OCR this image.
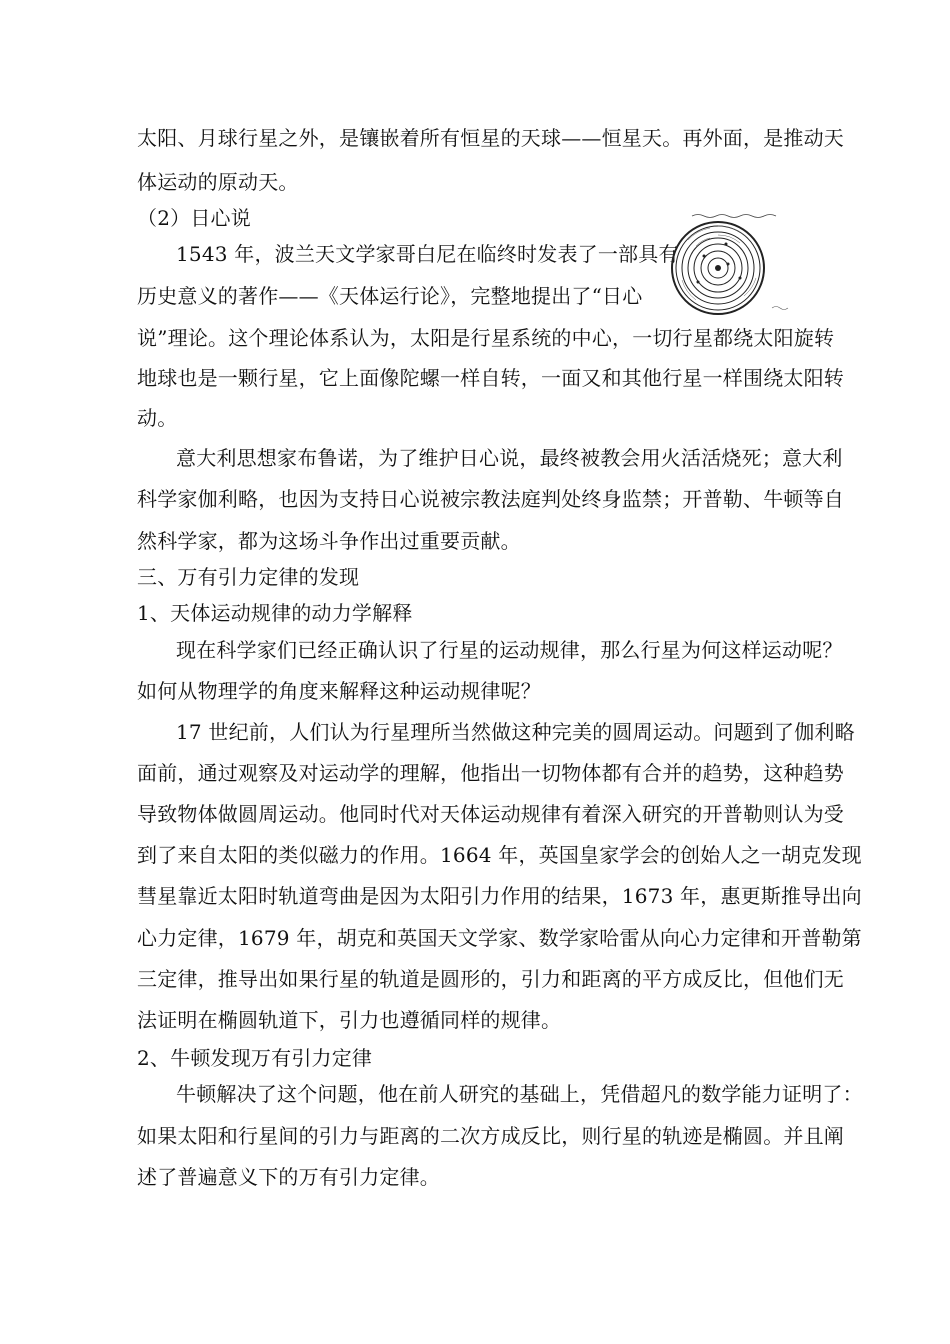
太阳、月球行星之外，是镶嵌着所有恒星的天球——恒星天。再外面，是推动天
体运动的原动天。
（2）日心说
1543 年，波兰天文学家哥白尼在临终时发表了一部具有
历史意义的著作——《天体运行论》，完整地提出了“日心
说”理论。这个理论体系认为，太阳是行星系统的中心，一切行星都绕太阳旋转
地球也是一颗行星，它上面像陀螺一样自转，一面又和其他行星一样围绕太阳转
动。
意大利思想家布鲁诺，为了维护日心说，最终被教会用火活活烧死；意大利
科学家伽利略，也因为支持日心说被宗教法庭判处终身监禁；开普勒、牛顿等自
然科学家，都为这场斗争作出过重要贡献。
三、万有引力定律的发现
1、天体运动规律的动力学解释
现在科学家们已经正确认识了行星的运动规律，那么行星为何这样运动呢？
如何从物理学的角度来解释这种运动规律呢？
17 世纪前，人们认为行星理所当然做这种完美的圆周运动。问题到了伽利略
面前，通过观察及对运动学的理解，他指出一切物体都有合并的趋势，这种趋势
导致物体做圆周运动。他同时代对天体运动规律有着深入研究的开普勒则认为受
到了来自太阳的类似磁力的作用。1664 年，英国皇家学会的创始人之一胡克发现
彗星靠近太阳时轨道弯曲是因为太阳引力作用的结果，1673 年，惠更斯推导出向
心力定律，1679 年，胡克和英国天文学家、数学家哈雷从向心力定律和开普勒第
三定律，推导出如果行星的轨道是圆形的，引力和距离的平方成反比，但他们无
法证明在椭圆轨道下，引力也遵循同样的规律。
2、牛顿发现万有引力定律
牛顿解决了这个问题，他在前人研究的基础上，凭借超凡的数学能力证明了：
如果太阳和行星间的引力与距离的二次方成反比，则行星的轨迹是椭圆。并且阐
述了普遍意义下的万有引力定律。
